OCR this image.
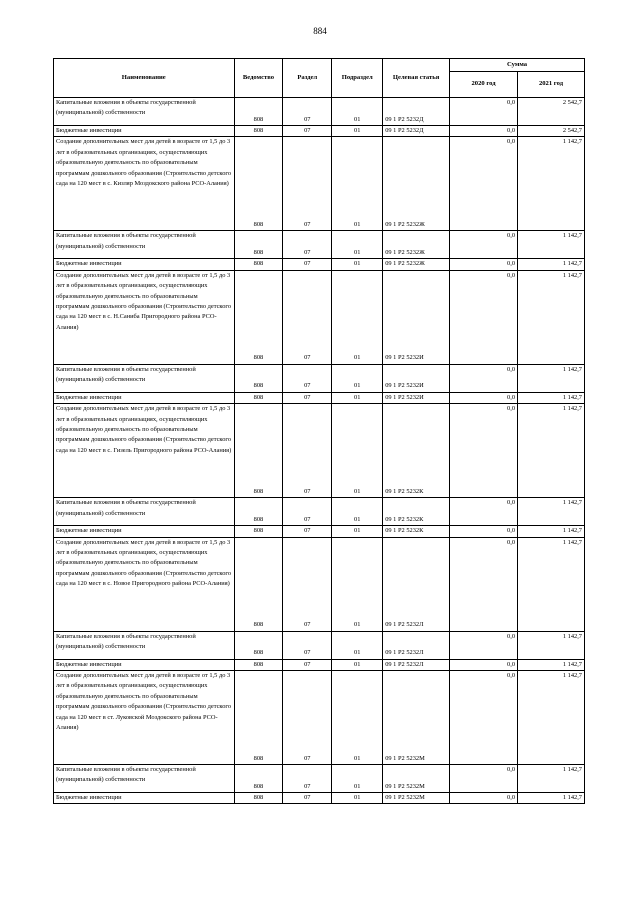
884
Наименование	Ведомство	Раздел	Подраздел	Целевая статья	Сумма	
					2020 год	2021 год
Капитальные вложения в объекты государственной (муниципальной) собственности	808	07	01	09 1 P2 5232Д	0,0	2 542,7
Бюджетные инвестиции	808	07	01	09 1 P2 5232Д	0,0	2 542,7
Создание дополнительных мест для детей в возрасте от 1,5 до 3 лет в образовательных организациях, осуществляющих образовательную деятельность по образовательным программам дошкольного образования (Строительство детского сада на 120 мест в с. Кизляр Моздокского района РСО-Алания)	808	07	01	09 1 P2 5232Ж	0,0	1 142,7
Капитальные вложения в объекты государственной (муниципальной) собственности	808	07	01	09 1 P2 5232Ж	0,0	1 142,7
Бюджетные инвестиции	808	07	01	09 1 P2 5232Ж	0,0	1 142,7
Создание дополнительных мест для детей в возрасте от 1,5 до 3 лет в образовательных организациях, осуществляющих образовательную деятельность по образовательным программам дошкольного образования (Строительство детского сада на 120 мест в с. Н.Саниба Пригородного района РСО-Алания)	808	07	01	09 1 P2 5232И	0,0	1 142,7
Капитальные вложения в объекты государственной (муниципальной) собственности	808	07	01	09 1 P2 5232И	0,0	1 142,7
Бюджетные инвестиции	808	07	01	09 1 P2 5232И	0,0	1 142,7
Создание дополнительных мест для детей в возрасте от 1,5 до 3 лет в образовательных организациях, осуществляющих образовательную деятельность по образовательным программам дошкольного образования (Строительство детского сада на 120 мест в с. Гизель Пригородного района РСО-Алания)	808	07	01	09 1 P2 5232К	0,0	1 142,7
Капитальные вложения в объекты государственной (муниципальной) собственности	808	07	01	09 1 P2 5232К	0,0	1 142,7
Бюджетные инвестиции	808	07	01	09 1 P2 5232К	0,0	1 142,7
Создание дополнительных мест для детей в возрасте от 1,5 до 3 лет в образовательных организациях, осуществляющих образовательную деятельность по образовательным программам дошкольного образования (Строительство детского сада на 120 мест в с. Новое Пригородного района РСО-Алания)	808	07	01	09 1 P2 5232Л	0,0	1 142,7
Капитальные вложения в объекты государственной (муниципальной) собственности	808	07	01	09 1 P2 5232Л	0,0	1 142,7
Бюджетные инвестиции	808	07	01	09 1 P2 5232Л	0,0	1 142,7
Создание дополнительных мест для детей в возрасте от 1,5 до 3 лет в образовательных организациях, осуществляющих образовательную деятельность по образовательным программам дошкольного образования (Строительство детского сада на 120 мест в ст. Луковской Моздокского района РСО-Алания)	808	07	01	09 1 P2 5232М	0,0	1 142,7
Капитальные вложения в объекты государственной (муниципальной) собственности	808	07	01	09 1 P2 5232М	0,0	1 142,7
Бюджетные инвестиции	808	07	01	09 1 P2 5232М	0,0	1 142,7
